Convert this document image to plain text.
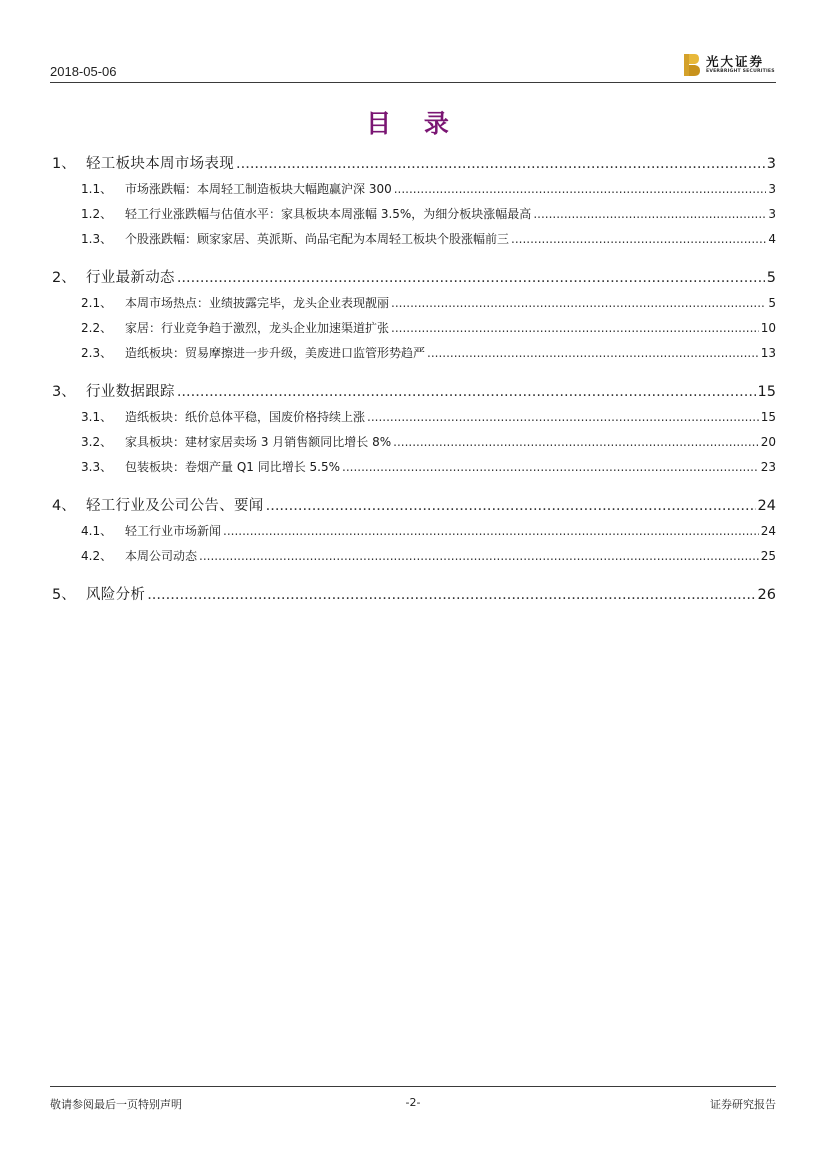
2018-05-06
光大证券
EVERBRIGHT SECURITIES
目 录
1、 轻工板块本周市场表现 .....	3
1.1、	市场涨跌幅：本周轻工制造板块大幅跑赢沪深 300 .....	3
1.2、	轻工行业涨跌幅与估值水平：家具板块本周涨幅 3.5%，为细分板块涨幅最高 .....	3
1.3、	个股涨跌幅：顾家家居、英派斯、尚品宅配为本周轻工板块个股涨幅前三 .....	4
2、 行业最新动态 .....	5
2.1、	本周市场热点：业绩披露完毕，龙头企业表现靓丽 .....	5
2.2、	家居：行业竞争趋于激烈，龙头企业加速渠道扩张 .....	10
2.3、	造纸板块：贸易摩擦进一步升级，美废进口监管形势趋严 .....	13
3、 行业数据跟踪 .....	15
3.1、	造纸板块：纸价总体平稳，国废价格持续上涨 .....	15
3.2、	家具板块：建材家居卖场 3 月销售额同比增长 8% .....	20
3.3、	包装板块：卷烟产量 Q1 同比增长 5.5% .....	23
4、 轻工行业及公司公告、要闻 .....	24
4.1、	轻工行业市场新闻 .....	24
4.2、	本周公司动态 .....	25
5、 风险分析 .....	26
敬请参阅最后一页特别声明	-2-	证券研究报告
